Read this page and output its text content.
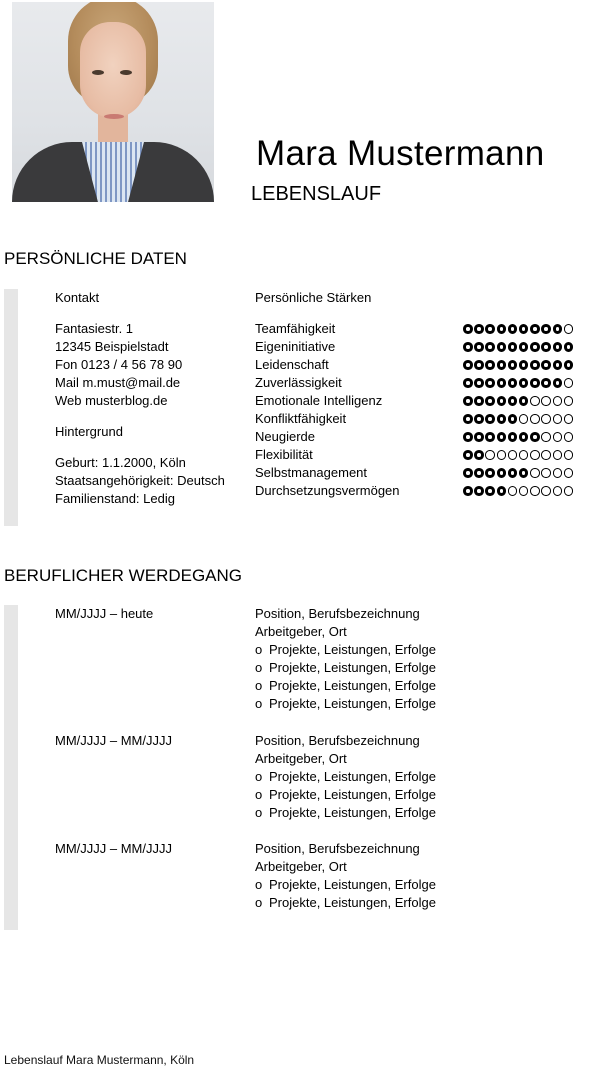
Mara Mustermann
LEBENSLAUF
PERSÖNLICHE DATEN
Kontakt
Fantasiestr. 1
12345 Beispielstadt
Fon 0123 / 4 56 78 90
Mail m.must@mail.de
Web musterblog.de
Hintergrund
Geburt: 1.1.2000, Köln
Staatsangehörigkeit: Deutsch
Familienstand: Ledig
Persönliche Stärken
Teamfähigkeit
Eigeninitiative
Leidenschaft
Zuverlässigkeit
Emotionale Intelligenz
Konfliktfähigkeit
Neugierde
Flexibilität
Selbstmanagement
Durchsetzungsvermögen
BERUFLICHER WERDEGANG
MM/JJJJ – heute	Position, Berufsbezeichnung
Arbeitgeber, Ort
o Projekte, Leistungen, Erfolge
o Projekte, Leistungen, Erfolge
o Projekte, Leistungen, Erfolge
o Projekte, Leistungen, Erfolge
MM/JJJJ – MM/JJJJ	Position, Berufsbezeichnung
Arbeitgeber, Ort
o Projekte, Leistungen, Erfolge
o Projekte, Leistungen, Erfolge
o Projekte, Leistungen, Erfolge
MM/JJJJ – MM/JJJJ	Position, Berufsbezeichnung
Arbeitgeber, Ort
o Projekte, Leistungen, Erfolge
o Projekte, Leistungen, Erfolge
Lebenslauf Mara Mustermann, Köln
